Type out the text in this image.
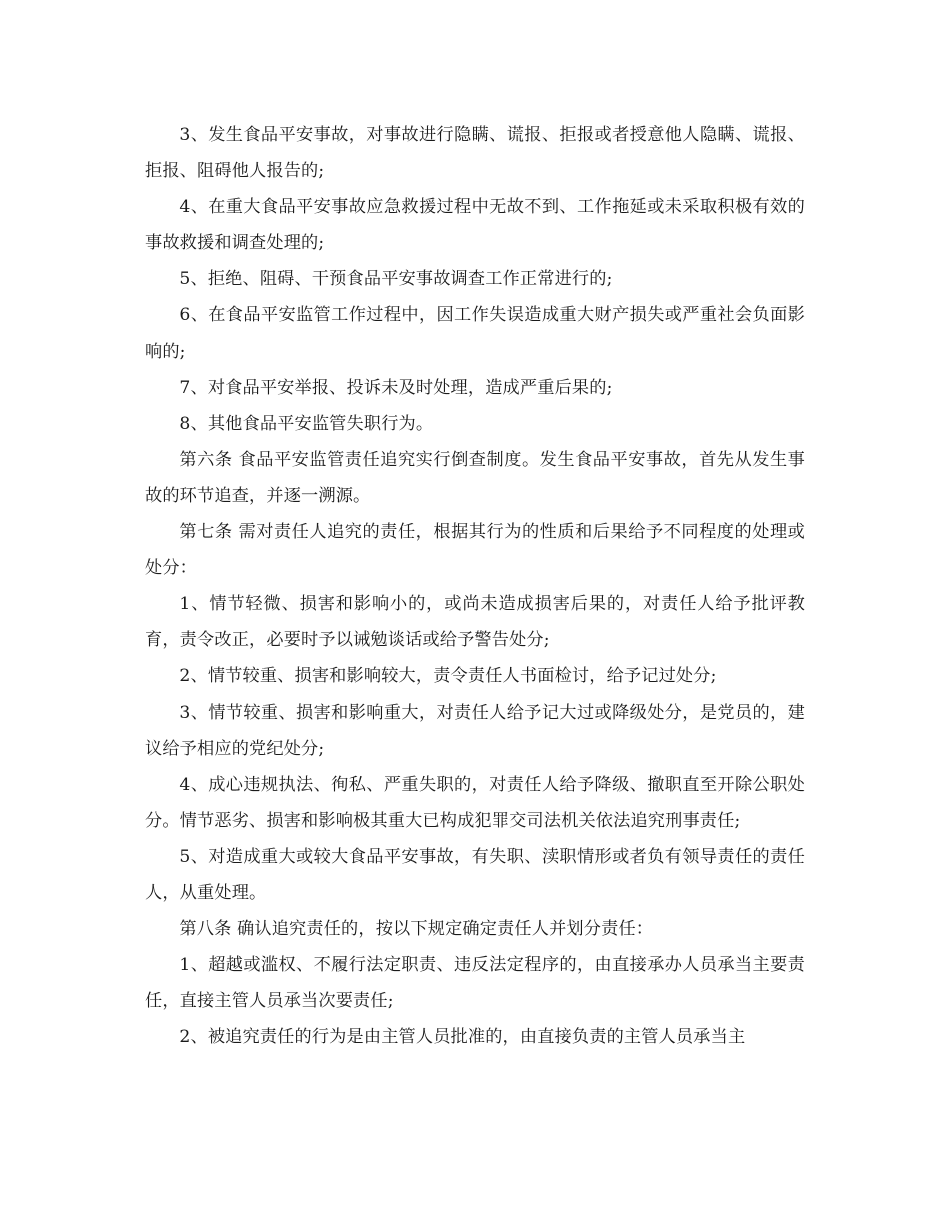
3、发生食品平安事故，对事故进行隐瞒、谎报、拒报或者授意他人隐瞒、谎报、拒报、阻碍他人报告的;

4、在重大食品平安事故应急救援过程中无故不到、工作拖延或未采取积极有效的事故救援和调查处理的;

5、拒绝、阻碍、干预食品平安事故调查工作正常进行的;

6、在食品平安监管工作过程中，因工作失误造成重大财产损失或严重社会负面影响的;

7、对食品平安举报、投诉未及时处理，造成严重后果的;

8、其他食品平安监管失职行为。

第六条 食品平安监管责任追究实行倒查制度。发生食品平安事故，首先从发生事故的环节追查，并逐一溯源。

第七条 需对责任人追究的责任，根据其行为的性质和后果给予不同程度的处理或处分：

1、情节轻微、损害和影响小的，或尚未造成损害后果的，对责任人给予批评教育，责令改正，必要时予以诫勉谈话或给予警告处分;

2、情节较重、损害和影响较大，责令责任人书面检讨，给予记过处分;

3、情节较重、损害和影响重大，对责任人给予记大过或降级处分，是党员的，建议给予相应的党纪处分;

4、成心违规执法、徇私、严重失职的，对责任人给予降级、撤职直至开除公职处分。情节恶劣、损害和影响极其重大已构成犯罪交司法机关依法追究刑事责任;

5、对造成重大或较大食品平安事故，有失职、渎职情形或者负有领导责任的责任人，从重处理。

第八条 确认追究责任的，按以下规定确定责任人并划分责任：

1、超越或滥权、不履行法定职责、违反法定程序的，由直接承办人员承当主要责任，直接主管人员承当次要责任;

2、被追究责任的行为是由主管人员批准的，由直接负责的主管人员承当主
